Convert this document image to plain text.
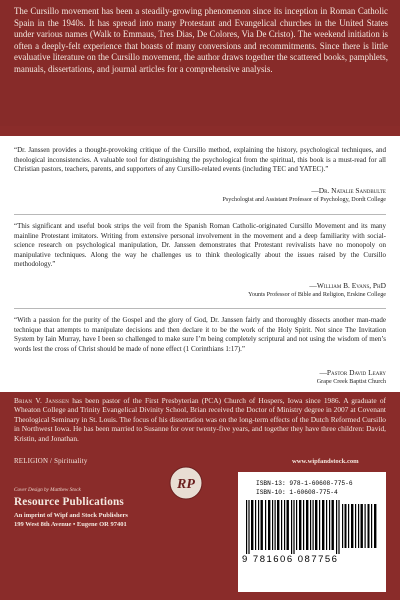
The Cursillo movement has been a steadily-growing phenomenon since its inception in Roman Catholic Spain in the 1940s. It has spread into many Protestant and Evangelical churches in the United States under various names (Walk to Emmaus, Tres Dias, De Colores, Via De Cristo). The weekend initiation is often a deeply-felt experience that boasts of many conversions and recommitments. Since there is little evaluative literature on the Cursillo movement, the author draws together the scattered books, pamphlets, manuals, dissertations, and journal articles for a comprehensive analysis.
“Dr. Janssen provides a thought-provoking critique of the Cursillo method, explaining the history, psychological techniques, and theological inconsistencies. A valuable tool for distinguishing the psychological from the spiritual, this book is a must-read for all Christian pastors, teachers, parents, and supporters of any Cursillo-related events (including TEC and YATEC).”
—Dr. Natalie Sandbulte
Psychologist and Assistant Professor of Psychology, Dordt College
“This significant and useful book strips the veil from the Spanish Roman Catholic-originated Cursillo Movement and its many mainline Protestant imitators. Writing from extensive personal involvement in the movement and a deep familiarity with social-science research on psychological manipulation, Dr. Janssen demonstrates that Protestant revivalists have no monopoly on manipulative techniques. Along the way he challenges us to think theologically about the issues raised by the Cursillo methodology.”
—William B. Evans, PhD
Younts Professor of Bible and Religion, Erskine College
“With a passion for the purity of the Gospel and the glory of God, Dr. Janssen fairly and thoroughly dissects another man-made technique that attempts to manipulate decisions and then declare it to be the work of the Holy Spirit. Not since The Invitation System by Iain Murray, have I been so challenged to make sure I’m being completely scriptural and not using the wisdom of men’s words lest the cross of Christ should be made of none effect (1 Corinthians 1:17).”
—Pastor David Leary
Grape Creek Baptist Church
Brian V. Janssen has been pastor of the First Presbyterian (PCA) Church of Hospers, Iowa since 1986. A graduate of Wheaton College and Trinity Evangelical Divinity School, Brian received the Doctor of Ministry degree in 2007 at Covenant Theological Seminary in St. Louis. The focus of his dissertation was on the long-term effects of the Dutch Reformed Cursillo in Northwest Iowa. He has been married to Susanne for over twenty-five years, and together they have three children: David, Kristin, and Jonathan.
RELIGION / Spirituality
Cover Design by Matthew Stock
Resource Publications
An imprint of Wipf and Stock Publishers
199 West 8th Avenue • Eugene OR 97401
RP
www.wipfandstock.com
ISBN-13: 978-1-60608-775-6
ISBN-10: 1-60608-775-4
9 781606 087756
